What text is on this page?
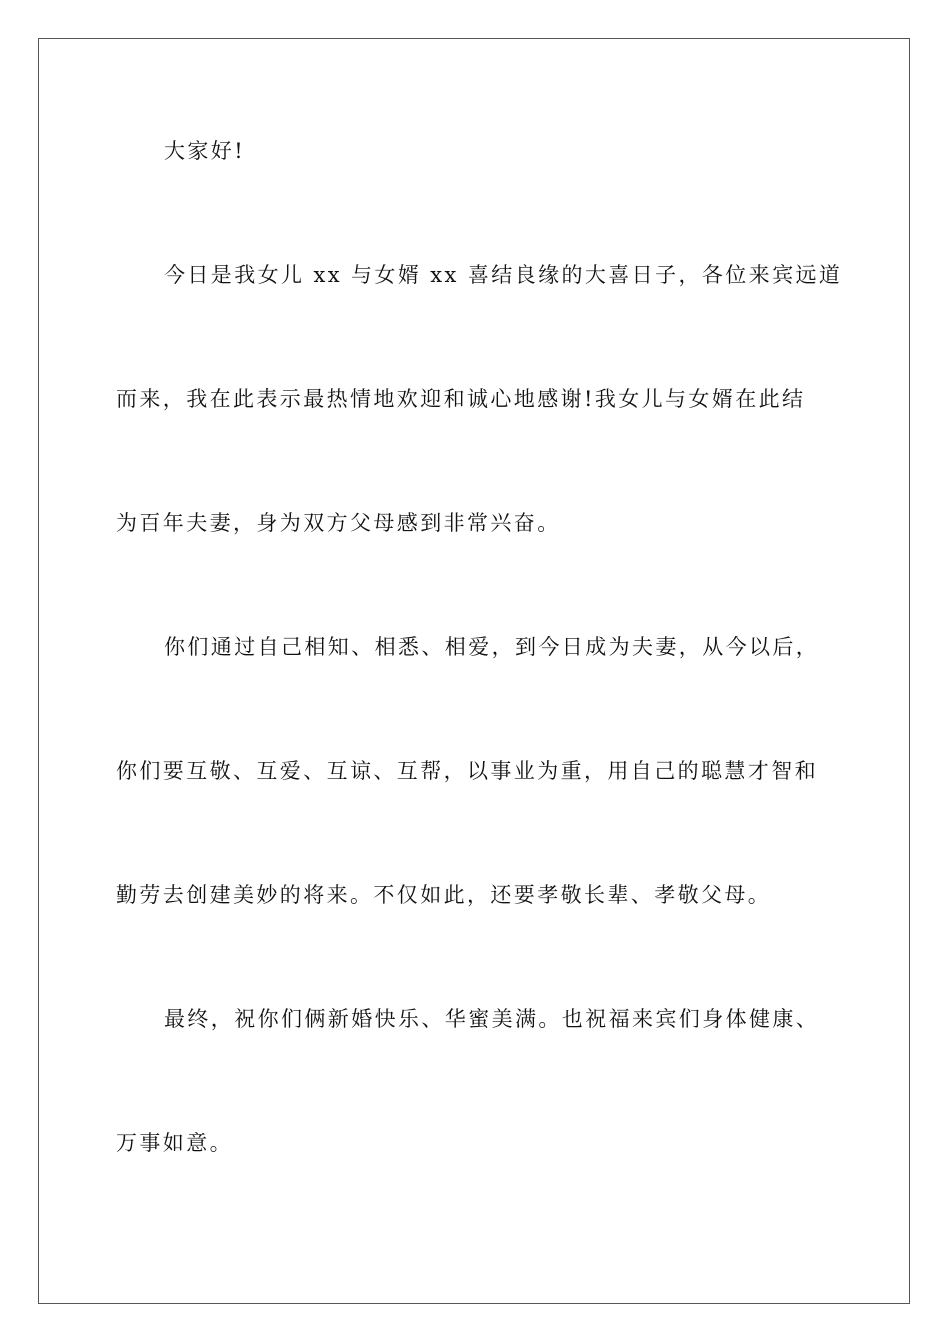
大家好!
今日是我女儿 xx 与女婿 xx 喜结良缘的大喜日子，各位来宾远道
而来，我在此表示最热情地欢迎和诚心地感谢!我女儿与女婿在此结
为百年夫妻，身为双方父母感到非常兴奋。
你们通过自己相知、相悉、相爱，到今日成为夫妻，从今以后，
你们要互敬、互爱、互谅、互帮，以事业为重，用自己的聪慧才智和
勤劳去创建美妙的将来。不仅如此，还要孝敬长辈、孝敬父母。
最终，祝你们俩新婚快乐、华蜜美满。也祝福来宾们身体健康、
万事如意。
